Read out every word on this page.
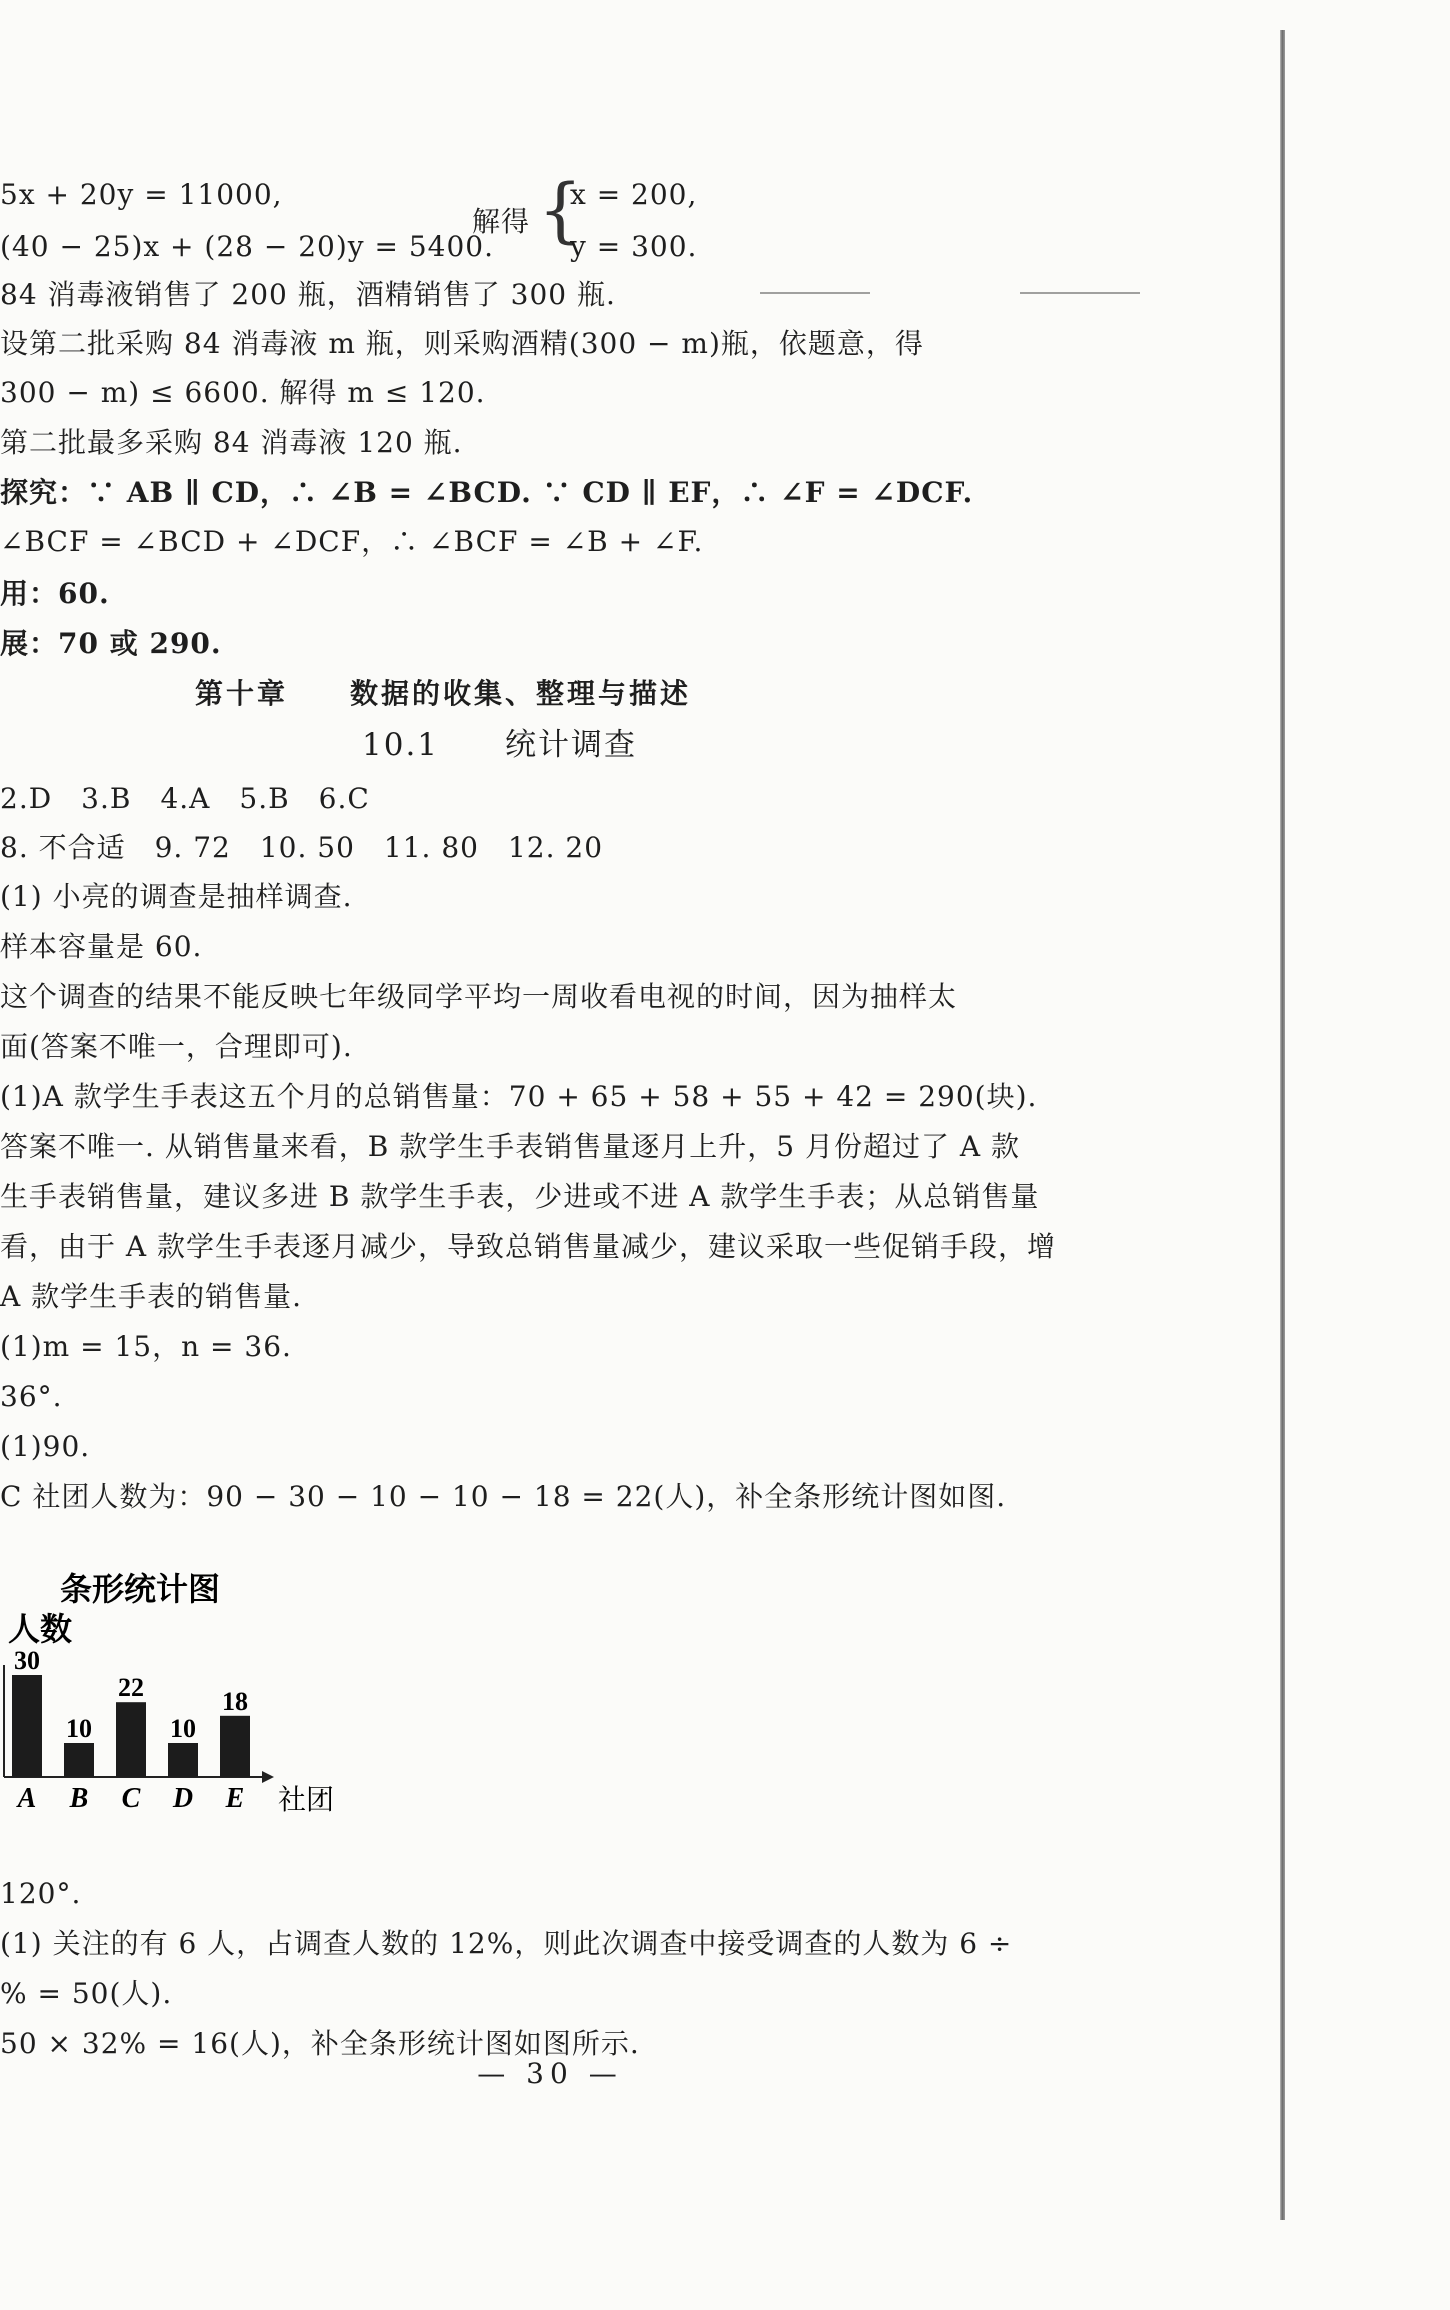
5x + 20y = 11000,
(40 − 25)x + (28 − 20)y = 5400.
解得 {
x = 200,
y = 300.
84 消毒液销售了 200 瓶，酒精销售了 300 瓶.
设第二批采购 84 消毒液 m 瓶，则采购酒精(300 − m)瓶，依题意，得
300 − m) ≤ 6600. 解得 m ≤ 120.
第二批最多采购 84 消毒液 120 瓶.
探究：∵ AB ∥ CD，∴ ∠B = ∠BCD. ∵ CD ∥ EF，∴ ∠F = ∠DCF.
∠BCF = ∠BCD + ∠DCF，∴ ∠BCF = ∠B + ∠F.
用：60.
展：70 或 290.
第十章　　数据的收集、整理与描述
10.1　　统计调查
2.D　3.B　4.A　5.B　6.C
8. 不合适　9. 72　10. 50　11. 80　12. 20
(1) 小亮的调查是抽样调查.
样本容量是 60.
这个调查的结果不能反映七年级同学平均一周收看电视的时间，因为抽样太
面(答案不唯一，合理即可).
(1)A 款学生手表这五个月的总销售量：70 + 65 + 58 + 55 + 42 = 290(块).
答案不唯一. 从销售量来看，B 款学生手表销售量逐月上升，5 月份超过了 A 款
生手表销售量，建议多进 B 款学生手表，少进或不进 A 款学生手表；从总销售量
看，由于 A 款学生手表逐月减少，导致总销售量减少，建议采取一些促销手段，增
A 款学生手表的销售量.
(1)m = 15，n = 36.
36°.
(1)90.
C 社团人数为：90 − 30 − 10 − 10 − 18 = 22(人)，补全条形统计图如图.
条形统计图
人数
30
A
10
B
22
C
10
D
18
E 社团
120°.
(1) 关注的有 6 人，占调查人数的 12%，则此次调查中接受调查的人数为 6 ÷
% = 50(人).
50 × 32% = 16(人)，补全条形统计图如图所示.
— 30 —
